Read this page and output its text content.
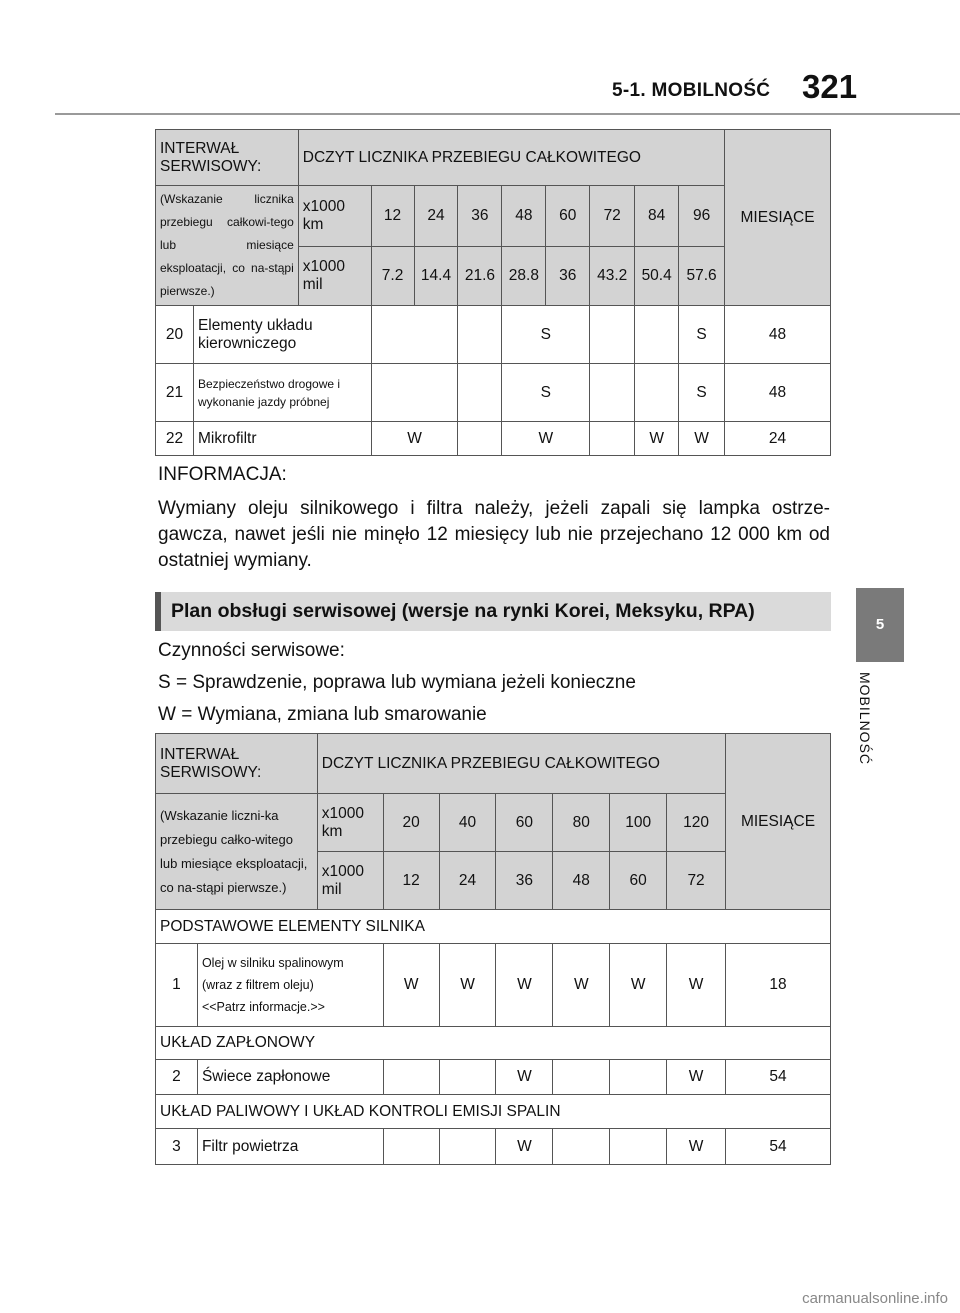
5-1. MOBILNOŚĆ 321
5
MOBILNOŚĆ
INTERWAŁ SERWISOWY:		DCZYT LICZNIKA PRZEBIEGU CAŁKOWITEGO									MIESIĄCE
(Wskazanie licznika przebiegu całkowi-tego lub miesiące eksploatacji, co na-stąpi pierwsze.)		x1000 km	12	24	36	48	60	72	84	96	
		x1000 mil	7.2	14.4	21.6	28.8	36	43.2	50.4	57.6	
20	Elementy układu kierowniczego					S				S	48
21	Bezpieczeństwo drogowe i wykonanie jazdy próbnej					S				S	48
22	Mikrofiltr		W			W			W	W	24
INFORMACJA:
Wymiany oleju silnikowego i filtra należy, jeżeli zapali się lampka ostrze-gawcza, nawet jeśli nie minęło 12 miesięcy lub nie przejechano 12 000 km od ostatniej wymiany.
Plan obsługi serwisowej (wersje na rynki Korei, Meksyku, RPA)
Czynności serwisowe:
S = Sprawdzenie, poprawa lub wymiana jeżeli konieczne
W = Wymiana, zmiana lub smarowanie
INTERWAŁ SERWISOWY:		DCZYT LICZNIKA PRZEBIEGU CAŁKOWITEGO							MIESIĄCE
(Wskazanie liczni-ka przebiegu całko-witego lub miesiące eksploatacji, co na-stąpi pierwsze.)		x1000 km	20	40	60	80	100	120	
		x1000 mil	12	24	36	48	60	72	
PODSTAWOWE ELEMENTY SILNIKA									
1	Olej w silniku spalinowym
(wraz z filtrem oleju)
<<Patrz informacje.>>		W	W	W	W	W	W	18
UKŁAD ZAPŁONOWY									
2	Świece zapłonowe				W			W	54
UKŁAD PALIWOWY I UKŁAD KONTROLI EMISJI SPALIN									
3	Filtr powietrza				W			W	54
carmanualsonline.info
